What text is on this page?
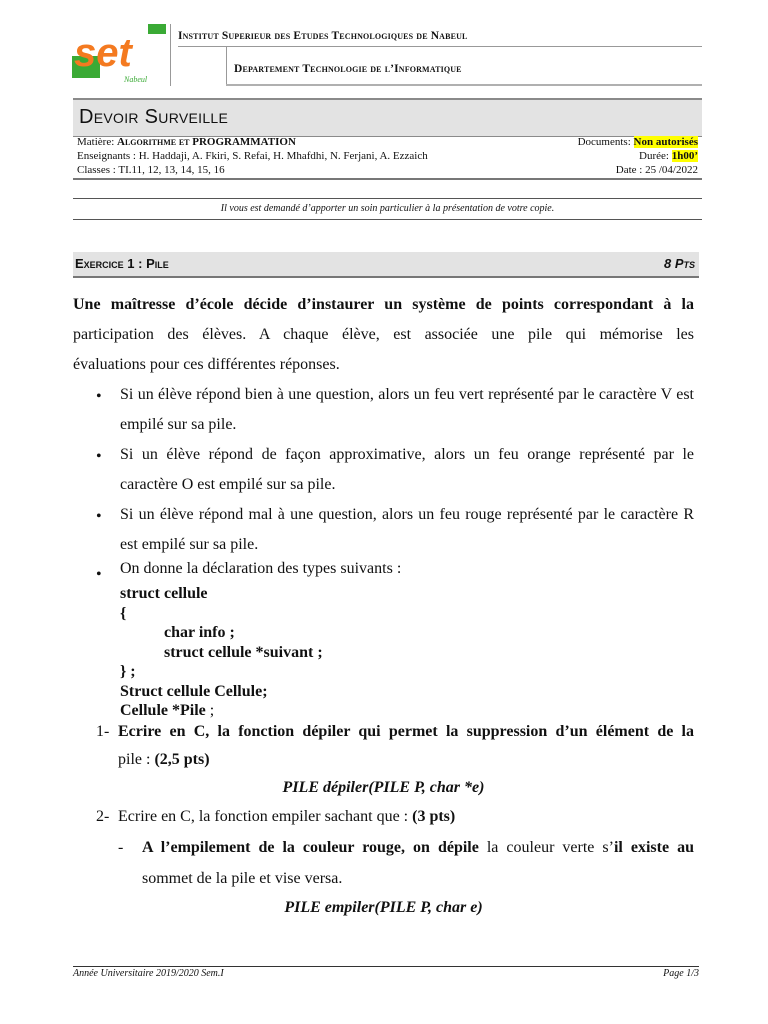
set
Nabeul
Institut Superieur des Etudes Technologiques de Nabeul
Departement Technologie de l’Informatique
Devoir Surveille
Matière: Algorithme et PROGRAMMATION
Enseignants : H. Haddaji, A. Fkiri, S. Refai, H. Mhafdhi, N. Ferjani, A. Ezzaich
Classes : TI.11, 12, 13, 14, 15, 16
Documents: Non autorisés
Durée: 1h00’
Date : 25 /04/2022
Il vous est demandé d’apporter un soin particulier à la présentation de votre copie.
Exercice 1 : Pile	8 Pts
Une maîtresse d’école décide d’instaurer un système de points correspondant à la
participation des élèves. A chaque élève, est associée une pile qui mémorise les
évaluations pour ces différentes réponses.
• Si un élève répond bien à une question, alors un feu vert représenté par le caractère V est empilé sur sa pile.
• Si un élève répond de façon approximative, alors un feu orange représenté par le caractère O est empilé sur sa pile.
• Si un élève répond mal à une question, alors un feu rouge représenté par le caractère R est empilé sur sa pile.
• On donne la déclaration des types suivants :
struct cellule
{
char info ;
struct cellule *suivant ;
} ;
Struct cellule Cellule;
Cellule *Pile ;
1- Ecrire en C, la fonction dépiler qui permet la suppression d’un élément de la
pile : (2,5 pts)
PILE dépiler(PILE P, char *e)
2- Ecrire en C, la fonction empiler sachant que : (3 pts)
- A l’empilement de la couleur rouge, on dépile la couleur verte s’il existe au
sommet de la pile et vise versa.
PILE empiler(PILE P, char e)
Année Universitaire 2019/2020 Sem.I	Page 1/3
